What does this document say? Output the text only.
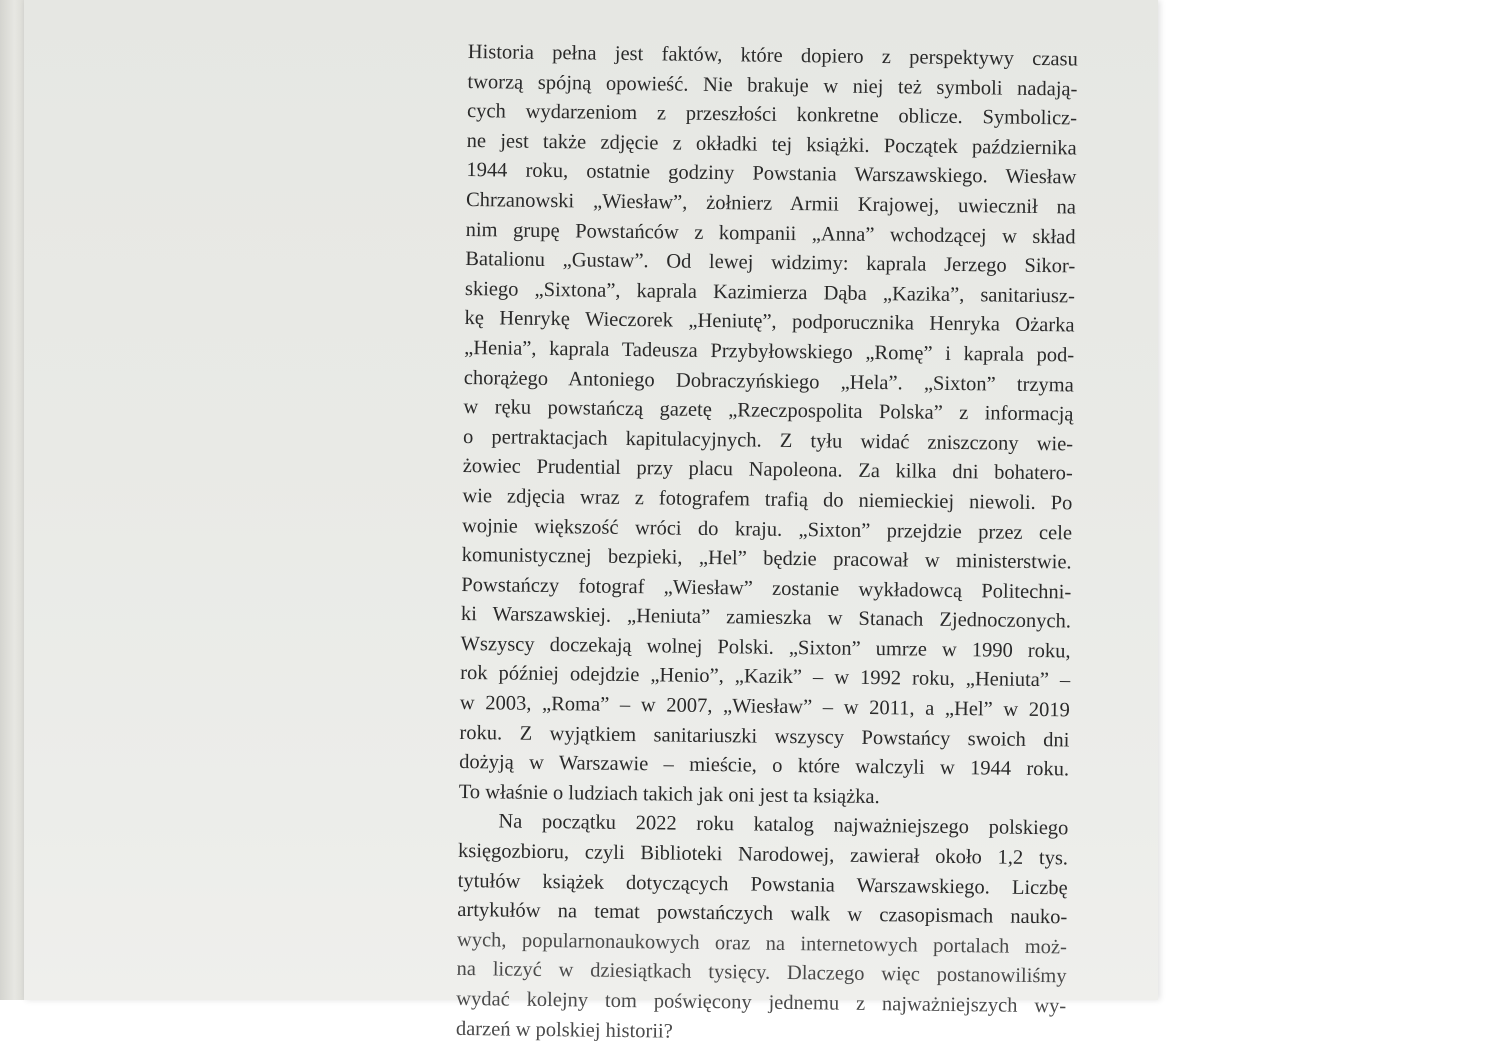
Historia pełna jest faktów, które dopiero z perspektywy czasu
tworzą spójną opowieść. Nie brakuje w niej też symboli nadają-
cych wydarzeniom z przeszłości konkretne oblicze. Symbolicz-
ne jest także zdjęcie z okładki tej książki. Początek października
1944 roku, ostatnie godziny Powstania Warszawskiego. Wiesław
Chrzanowski „Wiesław”, żołnierz Armii Krajowej, uwiecznił na
nim grupę Powstańców z kompanii „Anna” wchodzącej w skład
Batalionu „Gustaw”. Od lewej widzimy: kaprala Jerzego Sikor-
skiego „Sixtona”, kaprala Kazimierza Dąba „Kazika”, sanitariusz-
kę Henrykę Wieczorek „Heniutę”, podporucznika Henryka Ożarka
„Henia”, kaprala Tadeusza Przybyłowskiego „Romę” i kaprala pod-
chorążego Antoniego Dobraczyńskiego „Hela”. „Sixton” trzyma
w ręku powstańczą gazetę „Rzeczpospolita Polska” z informacją
o pertraktacjach kapitulacyjnych. Z tyłu widać zniszczony wie-
żowiec Prudential przy placu Napoleona. Za kilka dni bohatero-
wie zdjęcia wraz z fotografem trafią do niemieckiej niewoli. Po
wojnie większość wróci do kraju. „Sixton” przejdzie przez cele
komunistycznej bezpieki, „Hel” będzie pracował w ministerstwie.
Powstańczy fotograf „Wiesław” zostanie wykładowcą Politechni-
ki Warszawskiej. „Heniuta” zamieszka w Stanach Zjednoczonych.
Wszyscy doczekają wolnej Polski. „Sixton” umrze w 1990 roku,
rok później odejdzie „Henio”, „Kazik” – w 1992 roku, „Heniuta” –
w 2003, „Roma” – w 2007, „Wiesław” – w 2011, a „Hel” w 2019
roku. Z wyjątkiem sanitariuszki wszyscy Powstańcy swoich dni
dożyją w Warszawie – mieście, o które walczyli w 1944 roku.
To właśnie o ludziach takich jak oni jest ta książka.
Na początku 2022 roku katalog najważniejszego polskiego
księgozbioru, czyli Biblioteki Narodowej, zawierał około 1,2 tys.
tytułów książek dotyczących Powstania Warszawskiego. Liczbę
artykułów na temat powstańczych walk w czasopismach nauko-
wych, popularnonaukowych oraz na internetowych portalach moż-
na liczyć w dziesiątkach tysięcy. Dlaczego więc postanowiliśmy
wydać kolejny tom poświęcony jednemu z najważniejszych wy-
darzeń w polskiej historii?
